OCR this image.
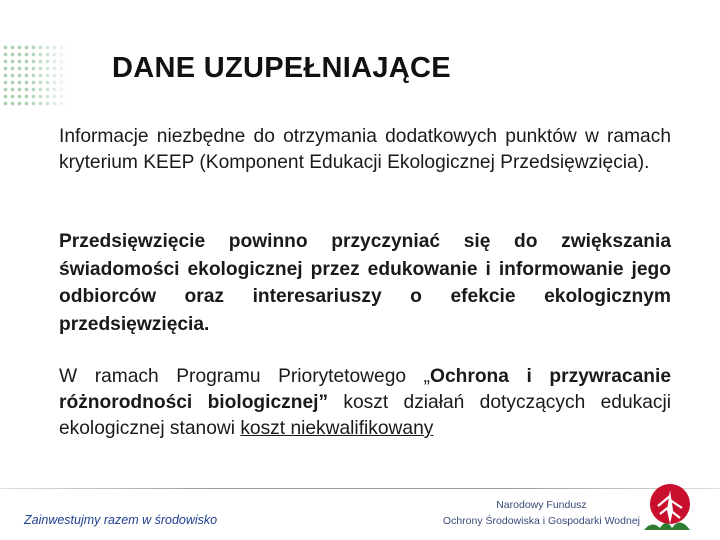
DANE UZUPEŁNIAJĄCE

Informacje niezbędne do otrzymania dodatkowych punktów w ramach kryterium KEEP (Komponent Edukacji Ekologicznej Przedsięwzięcia).

Przedsięwzięcie powinno przyczyniać się do zwiększania świadomości ekologicznej przez edukowanie i informowanie jego odbiorców oraz interesariuszy o efekcie ekologicznym przedsięwzięcia.

W ramach Programu Priorytetowego „Ochrona i przywracanie różnorodności biologicznej” koszt działań dotyczących edukacji ekologicznej stanowi koszt niekwalifikowany

Zainwestujmy razem w środowisko
Narodowy Fundusz
Ochrony Środowiska i Gospodarki Wodnej
